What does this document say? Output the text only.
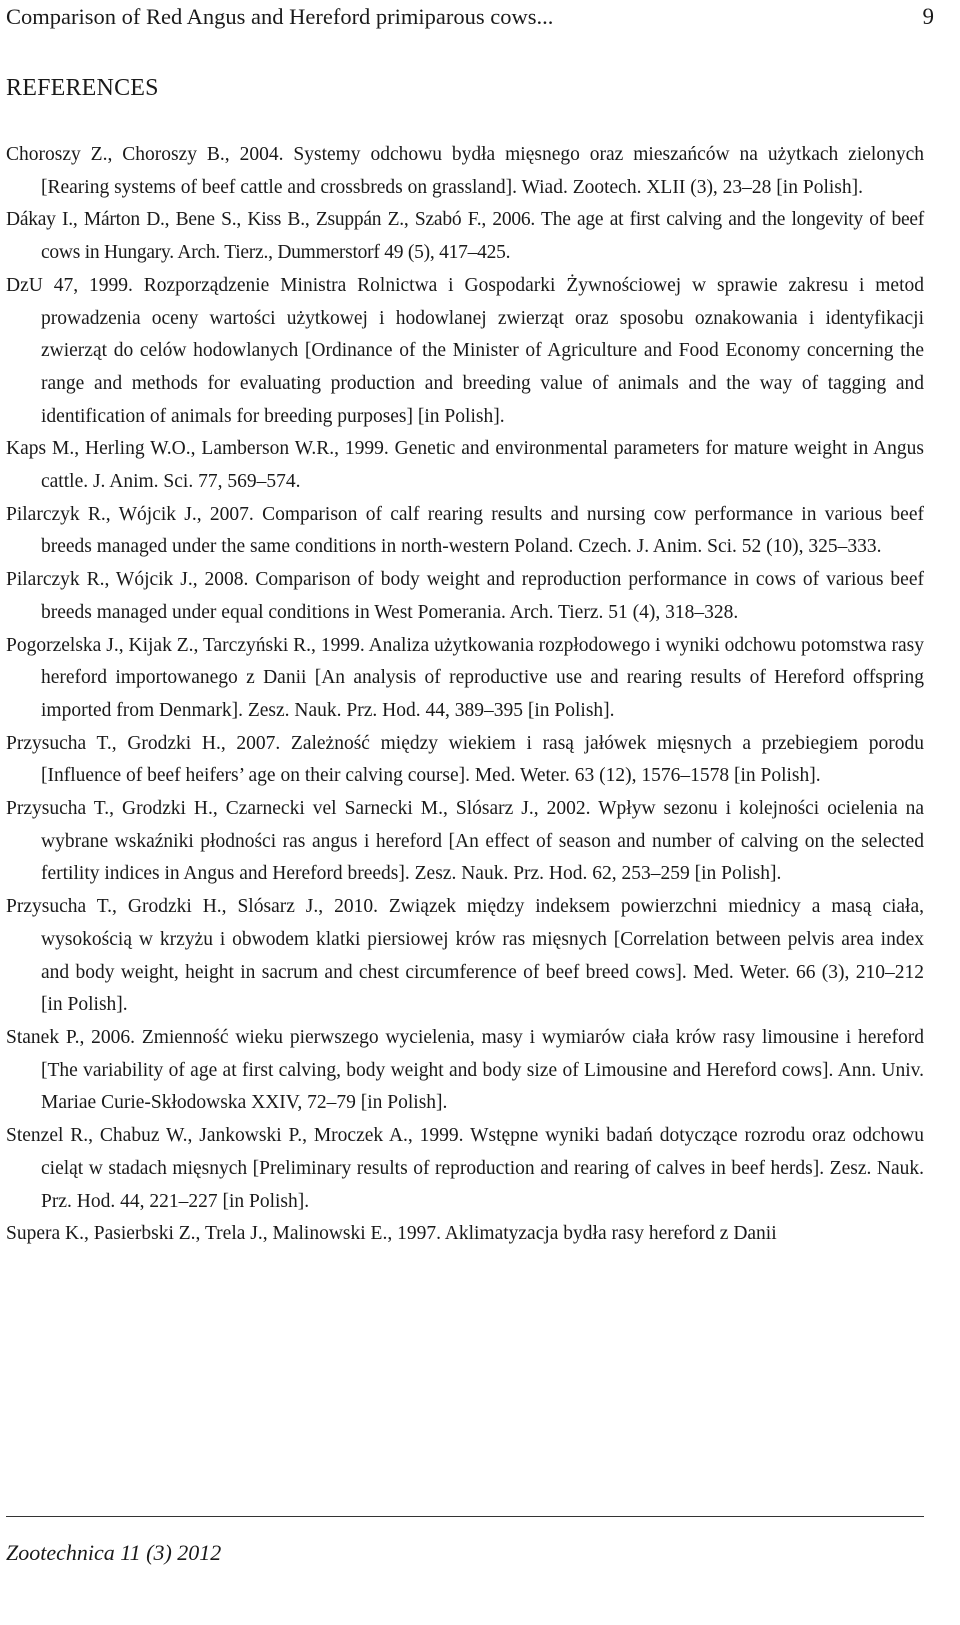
Comparison of Red Angus and Hereford primiparous cows...	9
REFERENCES
Choroszy Z., Choroszy B., 2004. Systemy odchowu bydła mięsnego oraz mieszańców na użytkach zielonych [Rearing systems of beef cattle and crossbreds on grassland]. Wiad. Zootech. XLII (3), 23–28 [in Polish].
Dákay I., Márton D., Bene S., Kiss B., Zsuppán Z., Szabó F., 2006. The age at first calving and the longevity of beef cows in Hungary. Arch. Tierz., Dummerstorf 49 (5), 417–425.
DzU 47, 1999. Rozporządzenie Ministra Rolnictwa i Gospodarki Żywnościowej w sprawie zakresu i metod prowadzenia oceny wartości użytkowej i hodowlanej zwierząt oraz sposobu oznakowania i identyfikacji zwierząt do celów hodowlanych [Ordinance of the Minister of Agriculture and Food Economy concerning the range and methods for evaluating production and breeding value of animals and the way of tagging and identification of animals for breeding purposes] [in Polish].
Kaps M., Herling W.O., Lamberson W.R., 1999. Genetic and environmental parameters for mature weight in Angus cattle. J. Anim. Sci. 77, 569–574.
Pilarczyk R., Wójcik J., 2007. Comparison of calf rearing results and nursing cow performance in various beef breeds managed under the same conditions in north-western Poland. Czech. J. Anim. Sci. 52 (10), 325–333.
Pilarczyk R., Wójcik J., 2008. Comparison of body weight and reproduction performance in cows of various beef breeds managed under equal conditions in West Pomerania. Arch. Tierz. 51 (4), 318–328.
Pogorzelska J., Kijak Z., Tarczyński R., 1999. Analiza użytkowania rozpłodowego i wyniki odchowu potomstwa rasy hereford importowanego z Danii [An analysis of reproductive use and rearing results of Hereford offspring imported from Denmark]. Zesz. Nauk. Prz. Hod. 44, 389–395 [in Polish].
Przysucha T., Grodzki H., 2007. Zależność między wiekiem i rasą jałówek mięsnych a przebiegiem porodu [Influence of beef heifers’ age on their calving course]. Med. Weter. 63 (12), 1576–1578 [in Polish].
Przysucha T., Grodzki H., Czarnecki vel Sarnecki M., Slósarz J., 2002. Wpływ sezonu i kolejności ocielenia na wybrane wskaźniki płodności ras angus i hereford [An effect of season and number of calving on the selected fertility indices in Angus and Hereford breeds]. Zesz. Nauk. Prz. Hod. 62, 253–259 [in Polish].
Przysucha T., Grodzki H., Slósarz J., 2010. Związek między indeksem powierzchni miednicy a masą ciała, wysokością w krzyżu i obwodem klatki piersiowej krów ras mięsnych [Correlation between pelvis area index and body weight, height in sacrum and chest circumference of beef breed cows]. Med. Weter. 66 (3), 210–212 [in Polish].
Stanek P., 2006. Zmienność wieku pierwszego wycielenia, masy i wymiarów ciała krów rasy limousine i hereford [The variability of age at first calving, body weight and body size of Limousine and Hereford cows]. Ann. Univ. Mariae Curie-Skłodowska XXIV, 72–79 [in Polish].
Stenzel R., Chabuz W., Jankowski P., Mroczek A., 1999. Wstępne wyniki badań dotyczące rozrodu oraz odchowu cieląt w stadach mięsnych [Preliminary results of reproduction and rearing of calves in beef herds]. Zesz. Nauk. Prz. Hod. 44, 221–227 [in Polish].
Supera K., Pasierbski Z., Trela J., Malinowski E., 1997. Aklimatyzacja bydła rasy hereford z Danii
Zootechnica 11 (3) 2012
